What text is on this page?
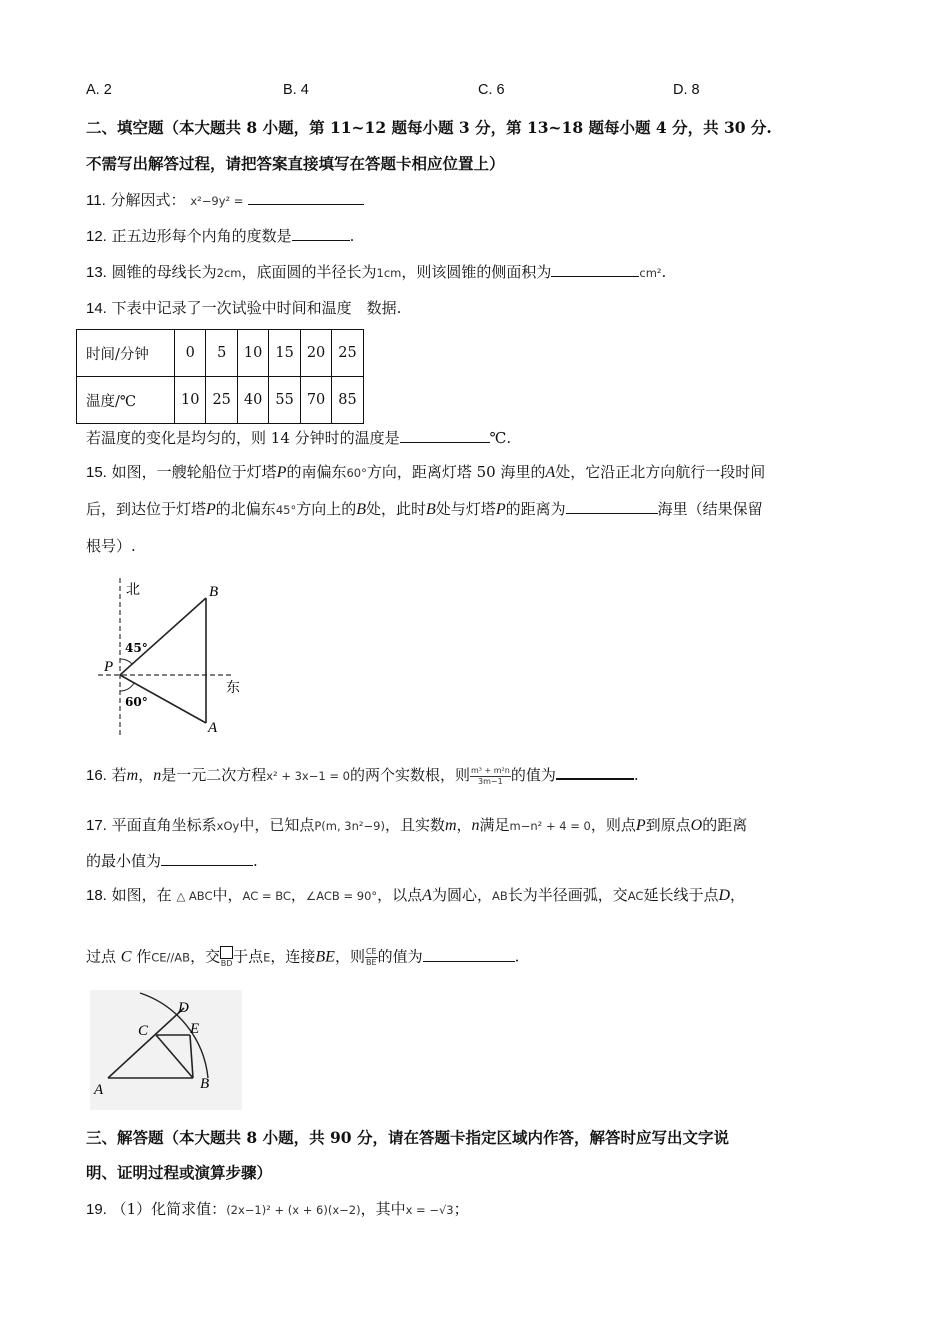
A. 2	B. 4	C. 6	D. 8
二、填空题（本大题共 8 小题，第 11~12 题每小题 3 分，第 13~18 题每小题 4 分，共 30 分.
不需写出解答过程，请把答案直接填写在答题卡相应位置上）
11. 分解因式： x²−9y² =
12. 正五边形每个内角的度数是	.
13. 圆锥的母线长为2cm，底面圆的半径长为1cm，则该圆锥的侧面积为	cm².
14. 下表中记录了一次试验中时间和温度　数据.
时间/分钟	0	5	10	15	20	25
温度/℃	10	25	40	55	70	85
若温度的变化是均匀的，则 14 分钟时的温度是	℃.
15. 如图，一艘轮船位于灯塔P的南偏东60°方向，距离灯塔 50 海里的A处，它沿正北方向航行一段时间
后，到达位于灯塔P的北偏东45°方向上的B处，此时B处与灯塔P的距离为	海里（结果保留
根号）.
北
东
B
P
A
45°
60°
16. 若m，n是一元二次方程x² + 3x−1 = 0的两个实数根，则 $\frac{\text{m³ + m²n}}{3m-1}$ 的值为	.
17. 平面直角坐标系xOy中，已知点P(m, 3n²−9)，且实数m，n满足m−n² + 4 = 0，则点P到原点O的距离
的最小值为	.
18. 如图，在 △ ABC中，AC = BC，∠ACB = 90°，以点A为圆心，AB长为半径画弧，交AC延长线于点D，
过点 C 作CE//AB，交 BD 于点E，连接BE，则 $\frac{CE}{BE}$ 的值为	.
D
C	E
A	B
三、解答题（本大题共 8 小题，共 90 分，请在答题卡指定区域内作答，解答时应写出文字说
明、证明过程或演算步骤）
19. （1）化简求值：(2x−1)² + (x + 6)(x−2)，其中x = −√3；
